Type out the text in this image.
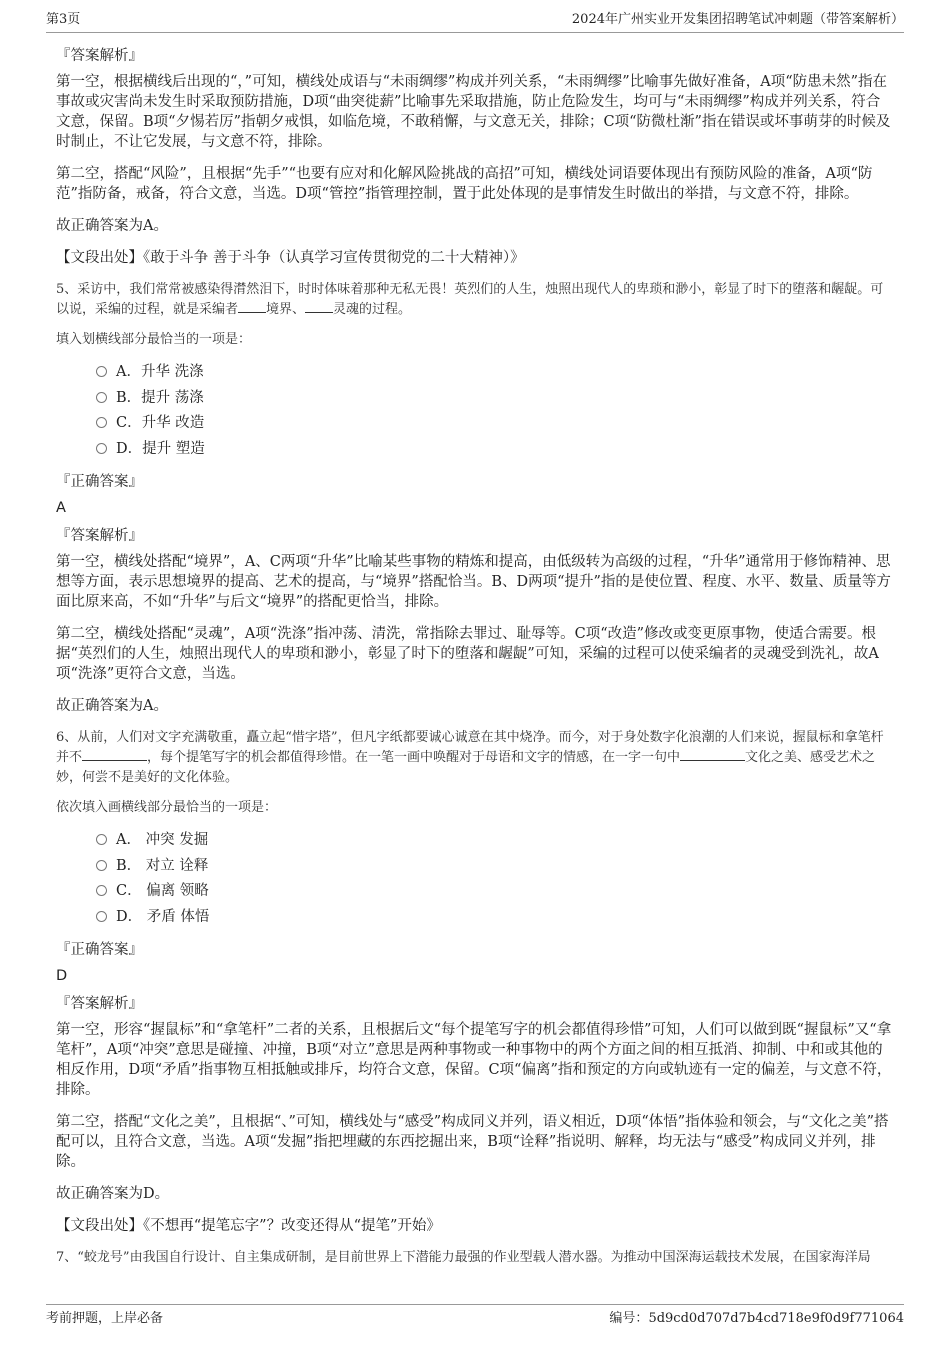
第3页	2024年广州实业开发集团招聘笔试冲刺题（带答案解析）
『答案解析』

第一空，根据横线后出现的“，”可知，横线处成语与“未雨绸缪”构成并列关系，“未雨绸缪”比喻事先做好准备，A项“防患未然”指在事故或灾害尚未发生时采取预防措施，D项“曲突徙薪”比喻事先采取措施，防止危险发生，均可与“未雨绸缪”构成并列关系，符合文意，保留。B项“夕惕若厉”指朝夕戒惧，如临危境，不敢稍懈，与文意无关，排除；C项“防微杜渐”指在错误或坏事萌芽的时候及时制止，不让它发展，与文意不符，排除。

第二空，搭配“风险”，且根据“先手”“也要有应对和化解风险挑战的高招”可知，横线处词语要体现出有预防风险的准备，A项“防范”指防备，戒备，符合文意，当选。D项“管控”指管理控制，置于此处体现的是事情发生时做出的举措，与文意不符，排除。

故正确答案为A。

【文段出处】《敢于斗争 善于斗争（认真学习宣传贯彻党的二十大精神）》

5、采访中，我们常常被感染得潸然泪下，时时体味着那种无私无畏！英烈们的人生，烛照出现代人的卑琐和渺小，彰显了时下的堕落和龌龊。可以说，采编的过程，就是采编者 境界、 灵魂的过程。

填入划横线部分最恰当的一项是：

A．升华 洗涤
B．提升 荡涤
C．升华 改造
D．提升 塑造
『正确答案』
A
『答案解析』

第一空，横线处搭配“境界”，A、C两项“升华”比喻某些事物的精炼和提高，由低级转为高级的过程，“升华”通常用于修饰精神、思想等方面，表示思想境界的提高、艺术的提高，与“境界”搭配恰当。B、D两项“提升”指的是使位置、程度、水平、数量、质量等方面比原来高，不如“升华”与后文“境界”的搭配更恰当，排除。

第二空，横线处搭配“灵魂”，A项“洗涤”指冲荡、清洗，常指除去罪过、耻辱等。C项“改造”修改或变更原事物，使适合需要。根据“英烈们的人生，烛照出现代人的卑琐和渺小，彰显了时下的堕落和龌龊”可知，采编的过程可以使采编者的灵魂受到洗礼，故A项“洗涤”更符合文意，当选。

故正确答案为A。

6、从前，人们对文字充满敬重，矗立起“惜字塔”，但凡字纸都要诚心诚意在其中烧净。而今，对于身处数字化浪潮的人们来说，握鼠标和拿笔杆并不	，每个提笔写字的机会都值得珍惜。在一笔一画中唤醒对于母语和文字的情感，在一字一句中	文化之美、感受艺术之妙，何尝不是美好的文化体验。

依次填入画横线部分最恰当的一项是：

A． 冲突 发掘
B． 对立 诠释
C． 偏离 领略
D． 矛盾 体悟
『正确答案』
D
『答案解析』

第一空，形容“握鼠标”和“拿笔杆”二者的关系，且根据后文“每个提笔写字的机会都值得珍惜”可知，人们可以做到既“握鼠标”又“拿笔杆”，A项“冲突”意思是碰撞、冲撞，B项“对立”意思是两种事物或一种事物中的两个方面之间的相互抵消、抑制、中和或其他的相反作用，D项“矛盾”指事物互相抵触或排斥，均符合文意，保留。C项“偏离”指和预定的方向或轨迹有一定的偏差，与文意不符，排除。

第二空，搭配“文化之美”，且根据“、”可知，横线处与“感受”构成同义并列，语义相近，D项“体悟”指体验和领会，与“文化之美”搭配可以，且符合文意，当选。A项“发掘”指把埋藏的东西挖掘出来，B项“诠释”指说明、解释，均无法与“感受”构成同义并列，排除。

故正确答案为D。

【文段出处】《不想再“提笔忘字”？改变还得从“提笔”开始》

7、“蛟龙号”由我国自行设计、自主集成研制，是目前世界上下潜能力最强的作业型载人潜水器。为推动中国深海运载技术发展，在国家海洋局

考前押题，上岸必备	编号：5d9cd0d707d7b4cd718e9f0d9f771064
